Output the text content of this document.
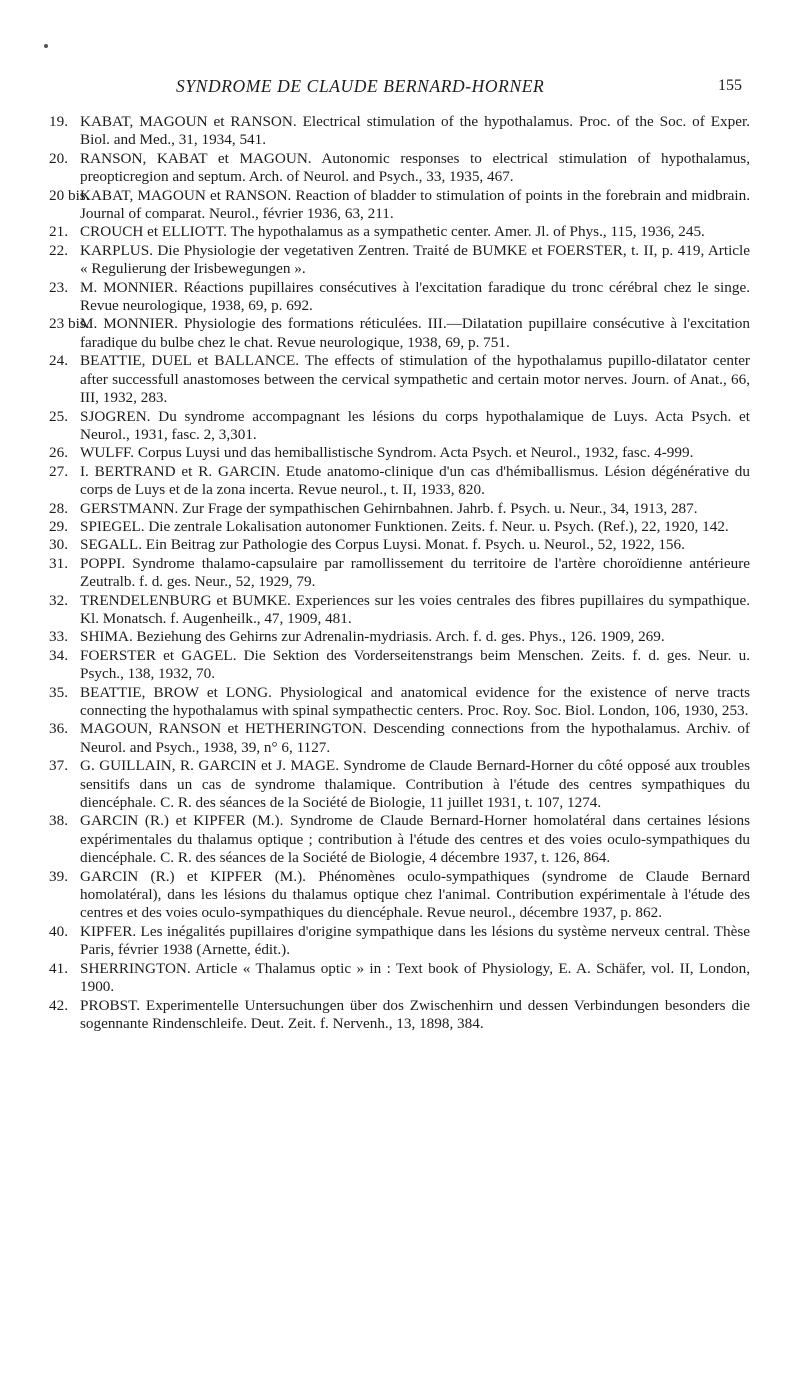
SYNDROME DE CLAUDE BERNARD-HORNER	155
19. KABAT, MAGOUN et RANSON. Electrical stimulation of the hypothalamus. Proc. of the Soc. of Exper. Biol. and Med., 31, 1934, 541.
20. RANSON, KABAT et MAGOUN. Autonomic responses to electrical stimulation of hypothalamus, preopticregion and septum. Arch. of Neurol. and Psych., 33, 1935, 467.
20 bis.
KABAT, MAGOUN et RANSON. Reaction of bladder to stimulation of points in the forebrain and midbrain. Journal of comparat. Neurol., février 1936, 63, 211.
21. CROUCH et ELLIOTT. The hypothalamus as a sympathetic center. Amer. Jl. of Phys., 115, 1936, 245.
22. KARPLUS. Die Physiologie der vegetativen Zentren. Traité de BUMKE et FOERSTER, t. II, p. 419, Article « Regulierung der Irisbewegungen ».
23. M. MONNIER. Réactions pupillaires consécutives à l'excitation faradique du tronc cérébral chez le singe. Revue neurologique, 1938, 69, p. 692.
23 bis.
M. MONNIER. Physiologie des formations réticulées. III.—Dilatation pupillaire consécutive à l'excitation faradique du bulbe chez le chat. Revue neurologique, 1938, 69, p. 751.
24. BEATTIE, DUEL et BALLANCE. The effects of stimulation of the hypothalamus pupillo-dilatator center after successfull anastomoses between the cervical sympathetic and certain motor nerves. Journ. of Anat., 66, III, 1932, 283.
25. SJOGREN. Du syndrome accompagnant les lésions du corps hypothalamique de Luys. Acta Psych. et Neurol., 1931, fasc. 2, 3,301.
26. WULFF. Corpus Luysi und das hemiballistische Syndrom. Acta Psych. et Neurol., 1932, fasc. 4-999.
27. I. BERTRAND et R. GARCIN. Etude anatomo-clinique d'un cas d'hémiballismus. Lésion dégénérative du corps de Luys et de la zona incerta. Revue neurol., t. II, 1933, 820.
28. GERSTMANN. Zur Frage der sympathischen Gehirnbahnen. Jahrb. f. Psych. u. Neur., 34, 1913, 287.
29. SPIEGEL. Die zentrale Lokalisation autonomer Funktionen. Zeits. f. Neur. u. Psych. (Ref.), 22, 1920, 142.
30. SEGALL. Ein Beitrag zur Pathologie des Corpus Luysi. Monat. f. Psych. u. Neurol., 52, 1922, 156.
31. POPPI. Syndrome thalamo-capsulaire par ramollissement du territoire de l'artère choroïdienne antérieure Zeutralb. f. d. ges. Neur., 52, 1929, 79.
32. TRENDELENBURG et BUMKE. Experiences sur les voies centrales des fibres pupillaires du sympathique. Kl. Monatsch. f. Augenheilk., 47, 1909, 481.
33. SHIMA. Beziehung des Gehirns zur Adrenalin-mydriasis. Arch. f. d. ges. Phys., 126. 1909, 269.
34. FOERSTER et GAGEL. Die Sektion des Vorderseitenstrangs beim Menschen. Zeits. f. d. ges. Neur. u. Psych., 138, 1932, 70.
35. BEATTIE, BROW et LONG. Physiological and anatomical evidence for the existence of nerve tracts connecting the hypothalamus with spinal sympathectic centers. Proc. Roy. Soc. Biol. London, 106, 1930, 253.
36. MAGOUN, RANSON et HETHERINGTON. Descending connections from the hypothalamus. Archiv. of Neurol. and Psych., 1938, 39, n° 6, 1127.
37. G. GUILLAIN, R. GARCIN et J. MAGE. Syndrome de Claude Bernard-Horner du côté opposé aux troubles sensitifs dans un cas de syndrome thalamique. Contribution à l'étude des centres sympathiques du diencéphale. C. R. des séances de la Société de Biologie, 11 juillet 1931, t. 107, 1274.
38. GARCIN (R.) et KIPFER (M.). Syndrome de Claude Bernard-Horner homolatéral dans certaines lésions expérimentales du thalamus optique ; contribution à l'étude des centres et des voies oculo-sympathiques du diencéphale. C. R. des séances de la Société de Biologie, 4 décembre 1937, t. 126, 864.
39. GARCIN (R.) et KIPFER (M.). Phénomènes oculo-sympathiques (syndrome de Claude Bernard homolatéral), dans les lésions du thalamus optique chez l'animal. Contribution expérimentale à l'étude des centres et des voies oculo-sympathiques du diencéphale. Revue neurol., décembre 1937, p. 862.
40. KIPFER. Les inégalités pupillaires d'origine sympathique dans les lésions du système nerveux central. Thèse Paris, février 1938 (Arnette, édit.).
41. SHERRINGTON. Article « Thalamus optic » in : Text book of Physiology, E. A. Schäfer, vol. II, London, 1900.
42. PROBST. Experimentelle Untersuchungen über dos Zwischenhirn und dessen Verbindungen besonders die sogennante Rindenschleife. Deut. Zeit. f. Nervenh., 13, 1898, 384.
